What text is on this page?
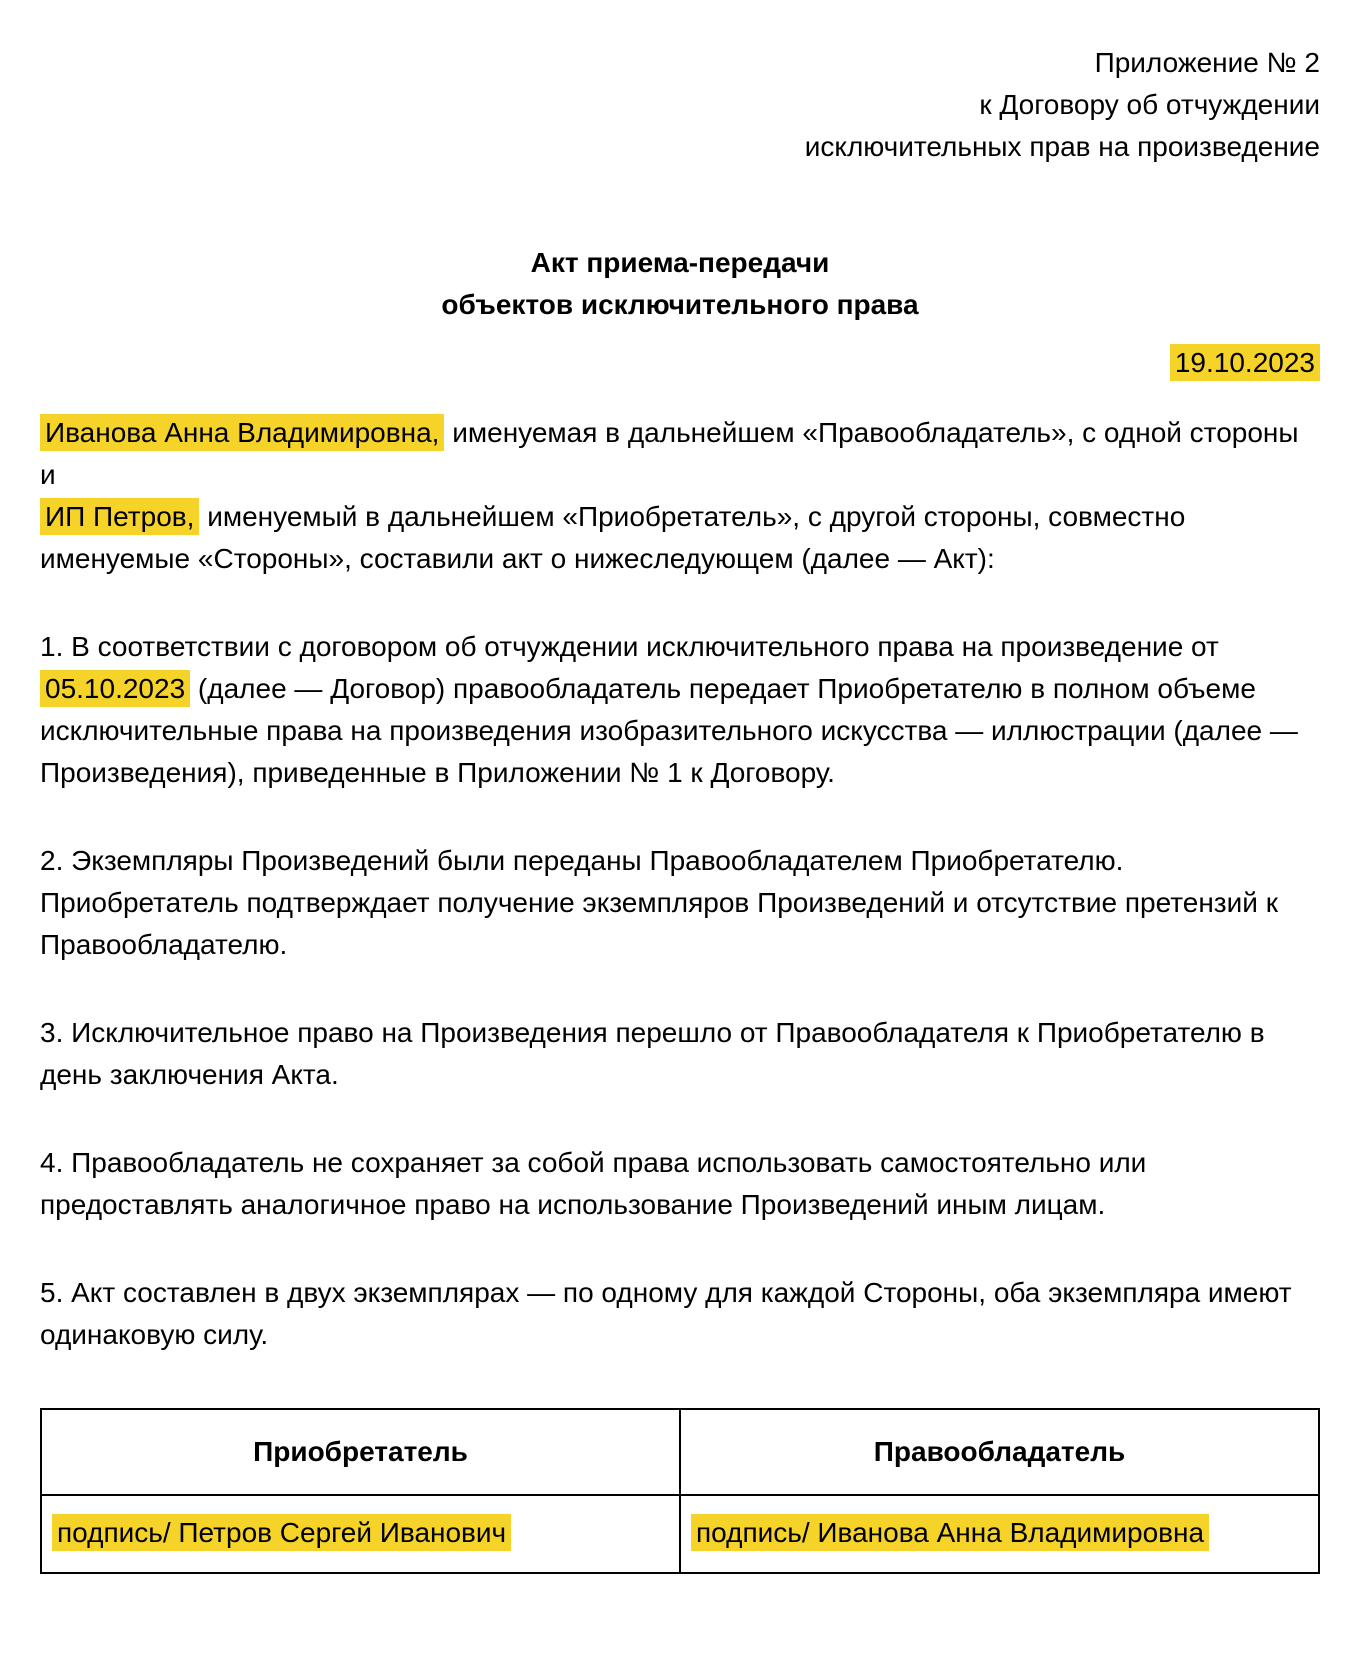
Приложение № 2
к Договору об отчуждении
исключительных прав на произведение
Акт приема-передачи
объектов исключительного права
19.10.2023

Иванова Анна Владимировна, именуемая в дальнейшем «Правообладатель», с одной стороны и
ИП Петров, именуемый в дальнейшем «Приобретатель», с другой стороны, совместно именуемые «Стороны», составили акт о нижеследующем (далее — Акт):

1. В соответствии с договором об отчуждении исключительного права на произведение от 05.10.2023 (далее — Договор) правообладатель передает Приобретателю в полном объеме исключительные права на произведения изобразительного искусства — иллюстрации (далее — Произведения), приведенные в Приложении № 1 к Договору.

2. Экземпляры Произведений были переданы Правообладателем Приобретателю. Приобретатель подтверждает получение экземпляров Произведений и отсутствие претензий к Правообладателю.

3. Исключительное право на Произведения перешло от Правообладателя к Приобретателю в день заключения Акта.

4. Правообладатель не сохраняет за собой права использовать самостоятельно или предоставлять аналогичное право на использование Произведений иным лицам.

5. Акт составлен в двух экземплярах — по одному для каждой Стороны, оба экземпляра имеют одинаковую силу.

Приобретатель	Правообладатель
подпись/ Петров Сергей Иванович	подпись/ Иванова Анна Владимировна
